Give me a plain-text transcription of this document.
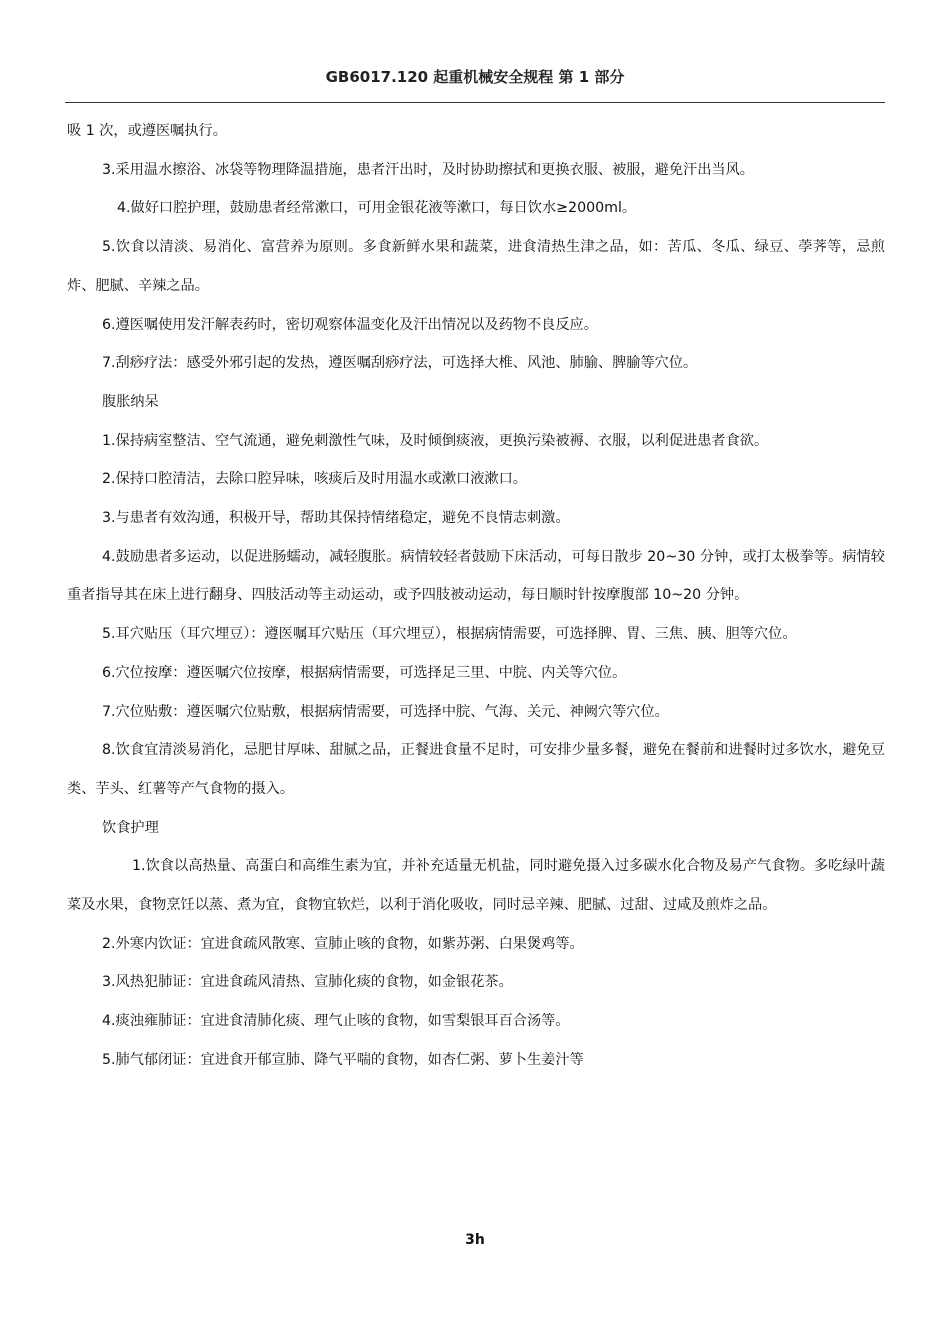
GB6017.120 起重机械安全规程 第 1 部分

吸 1 次，或遵医嘱执行。

3.采用温水擦浴、冰袋等物理降温措施，患者汗出时，及时协助擦拭和更换衣服、被服，避免汗出当风。

4.做好口腔护理，鼓励患者经常漱口，可用金银花液等漱口，每日饮水≥2000ml。

5.饮食以清淡、易消化、富营养为原则。多食新鲜水果和蔬菜，进食清热生津之品，如：苦瓜、冬瓜、绿豆、荸荠等，忌煎炸、肥腻、辛辣之品。

6.遵医嘱使用发汗解表药时，密切观察体温变化及汗出情况以及药物不良反应。

7.刮痧疗法：感受外邪引起的发热，遵医嘱刮痧疗法，可选择大椎、风池、肺腧、脾腧等穴位。

腹胀纳呆

1.保持病室整洁、空气流通，避免刺激性气味，及时倾倒痰液，更换污染被褥、衣服，以利促进患者食欲。

2.保持口腔清洁，去除口腔异味，咳痰后及时用温水或漱口液漱口。

3.与患者有效沟通，积极开导，帮助其保持情绪稳定，避免不良情志刺激。

4.鼓励患者多运动，以促进肠蠕动，减轻腹胀。病情较轻者鼓励下床活动，可每日散步 20~30 分钟，或打太极拳等。病情较重者指导其在床上进行翻身、四肢活动等主动运动，或予四肢被动运动，每日顺时针按摩腹部 10~20 分钟。

5.耳穴贴压（耳穴埋豆）：遵医嘱耳穴贴压（耳穴埋豆），根据病情需要，可选择脾、胃、三焦、胰、胆等穴位。

6.穴位按摩：遵医嘱穴位按摩，根据病情需要，可选择足三里、中脘、内关等穴位。

7.穴位贴敷：遵医嘱穴位贴敷，根据病情需要，可选择中脘、气海、关元、神阙穴等穴位。

8.饮食宜清淡易消化，忌肥甘厚味、甜腻之品，正餐进食量不足时，可安排少量多餐，避免在餐前和进餐时过多饮水，避免豆类、芋头、红薯等产气食物的摄入。

饮食护理

1.饮食以高热量、高蛋白和高维生素为宜，并补充适量无机盐，同时避免摄入过多碳水化合物及易产气食物。多吃绿叶蔬菜及水果，食物烹饪以蒸、煮为宜，食物宜软烂，以利于消化吸收，同时忌辛辣、肥腻、过甜、过咸及煎炸之品。

2.外寒内饮证：宜进食疏风散寒、宣肺止咳的食物，如紫苏粥、白果煲鸡等。

3.风热犯肺证：宜进食疏风清热、宣肺化痰的食物，如金银花茶。

4.痰浊雍肺证：宜进食清肺化痰、理气止咳的食物，如雪梨银耳百合汤等。

5.肺气郁闭证：宜进食开郁宣肺、降气平喘的食物，如杏仁粥、萝卜生姜汁等

3h
